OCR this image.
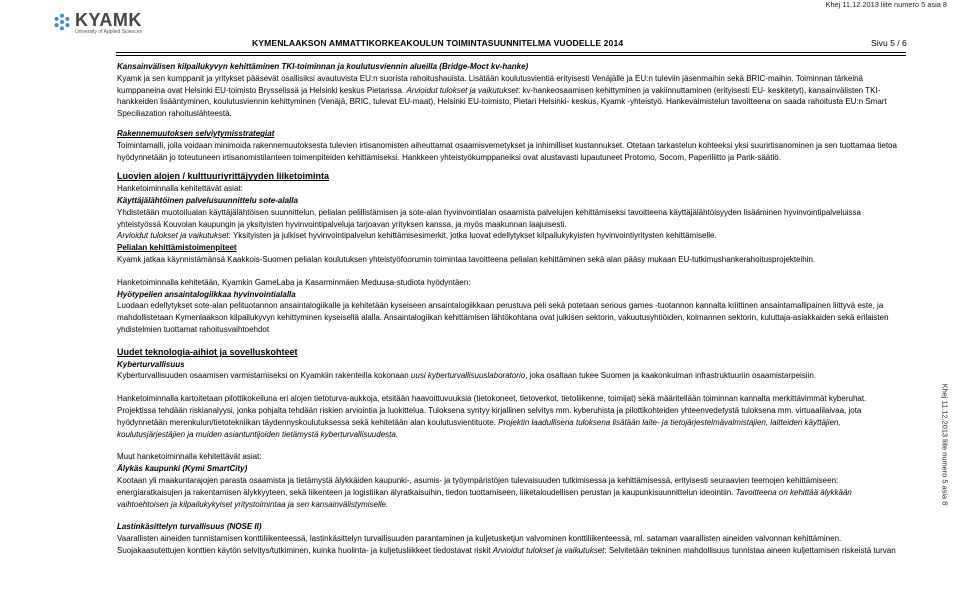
Khej 11.12.2013 liite numero 5 asia 8
Khej 11.12.2013 liite numero 5 asia 8
KYAMK
University of Applied Sciences
KYMENLAAKSON AMMATTIKORKEAKOULUN TOIMINTASUUNNITELMA VUODELLE 2014	Sivu 5 / 6

Kansainvälisen kilpailukyvyn kehittäminen TKI-toiminnan ja koulutusviennin alueilla (Bridge-Moct kv-hanke)

Kyamk ja sen kumppanit ja yritykset pääsevät osallisiksi avautuvista EU:n suorista rahoitushauista. Lisätään koulutusvientiä erityisesti Venäjälle ja EU:n tuleviin jäsenmaihin sekä BRIC-maihin. Toiminnan tärkeinä kumppaneina ovat Helsinki EU-toimisto Brysselissä ja Helsinki keskus Pietarissa. Arvioidut tulokset ja vaikutukset: kv-hankeosaamisen kehittyminen ja vakiinnuttaminen (erityisesti EU- keskitetyt), kansainvälisten TKI-hankkeiden lisääntyminen, koulutusviennin kehittyminen (Venäjä, BRIC, tulevat EU-maat), Helsinki EU-toimisto, Pietari Helsinki- keskus, Kyamk -yhteistyö. Hankevalmistelun tavoitteena on saada rahoitusta EU:n Smart Speciliazation rahoituslähteestä.

Rakennemuutoksen selviytymisstrategiat

Toimintamalli, jolla voidaan minimoida rakennemuutoksesta tulevien irtisanomisten aiheuttamat osaamisvemetykset ja inhimilliset kustannukset. Otetaan tarkastelun kohteeksi yksi suurirtisanominen ja sen tuottamaa tietoa hyödynnetään jo toteutuneen irtisanomistilanteen toimenpiteiden kehittämiseksi. Hankkeen yhteistyökumppaneiksi ovat alustavasti lupautuneet Protomo, Socom, Paperiliitto ja Parik-säätiö.

Luovien alojen / kulttuuriyrittäjyyden liiketoiminta

Hanketoiminnalla kehitettävät asiat:

Käyttäjälähtöinen palvelusuunnittelu sote-alalla

Yhdistetään muotoilualan käyttäjälähtöisen suunnittelun, pelialan pelillistämisen ja sote-alan hyvinvointialan osaamista palvelujen kehittämiseksi tavoitteena käyttäjälähtöisyyden lisääminen hyvinvointipalveluissa yhteistyössä Kouvolan kaupungin ja yksityisten hyvinvointipalveluja tarjoavan yrityksen kanssa, ja myös maakunnan laajuisesti.

Arvioidut tulokset ja vaikutukset: Yksityisten ja julkiset hyvinvointipalvelun kehittämisesimerkit, jotka luovat edellytykset kilpailukykyisten hyvinvointiyritysten kehittämiselle.

Pelialan kehittämistoimenpiteet

Kyamk jatkaa käynnistämänsä Kaakkois-Suomen pelialan koulutuksen yhteistyöfoorumin toimintaa tavoitteena pelialan kehittäminen sekä alan pääsy mukaan EU-tutkimushankerahoitusprojekteihin.

Hanketoiminnalla kehitetään, Kyamkin GameLaba ja Kasarminmäen Meduusa-studiota hyödyntäen:

Hyötypelien ansaintalogiikkaa hyvinvointialalla

Luodaan edellytykset sote-alan pelituotannon ansaintalogiikalle ja kehitetään kyseiseen ansaintalogiikkaan perustuva peli sekä potetaan serious games -tuotannon kannalta kriittinen ansaintamallipainen liittyvä este, ja mahdollistetaan Kymenlaakson kilpailukyvyn kehittyminen kyseisellä alalla. Ansaintalogiikan kehittämisen lähtökohtana ovat julkisen sektorin, vakuutusyhtiöiden, kolmannen sektorin, kuluttaja-asiakkaiden sekä erilaisten yhdistelmien tuottamat rahoitusvaihtoehdot

Uudet teknologia-aihiot ja sovelluskohteet

Kyberturvallisuus

Kyberturvallisuuden osaamisen varmistamiseksi on Kyamkiin rakenteilla kokonaan uusi kyberturvallisuuslaboratorio, joka osaltaan tukee Suomen ja kaakonkulman infrastruktuuriin osaamistarpeisiin.

Hanketoiminnalla kartoitetaan pilottikokeiluna eri alojen tietoturva-aukkoja, etsitään haavoittuvuuksia (tietokoneet, tietoverkot, tietoliikenne, toimijat) sekä määritellään toiminnan kannalta merkittävimmät kyberuhat. Projektissa tehdään riskianalyysi, jonka pohjalta tehdään riskien arviointia ja luokittelua. Tuloksena syntyy kirjallinen selvitys mm. kyberuhista ja pilottikohteiden yhteenvedetystä tuloksena mm. virtuaalilaivaa, jota hyödynnetään merenkulun/tietotekniikan täydennyskoulutuksessa sekä kehitetään alan koulutusvientituote. Projektin laadullisena tuloksena lisätään laite- ja tietojärjestelmävalmistajien, laitteiden käyttäjien, koulutusjärjestäjien ja muiden asiantuntijoiden tietämystä kyberturvallisuudesta.

Muut hanketoiminnalla kehitettävät asiat:

Älykäs kaupunki (Kymi SmartCity)

Kootaan yli maakuntarajojen parasta osaamista ja tietämystä älykkäiden kaupunki-, asumis- ja työympäristöjen tulevaisuuden tutkimisessa ja kehittämisessä, erityisesti seuraavien teemojen kehittämiseen: energiaratkaisujen ja rakentamisen älykkyyteen, sekä liikenteen ja logistiikan älyratkaisuihin, tiedon tuottamiseen, liiketaloudellisen perustan ja kaupunkisuunnittelun ideointiin. Tavoitteena on kehittää älykkään vaihtoehtoisen ja kilpailukykyiset yritystoimintaa ja sen kansainvälistymiselle.

Lastinkäsittelyn turvallisuus (NOSE II)

Vaarallisten aineiden tunnistamisen konttiliikenteessä, lastinkäsittelyn turvallisuuden parantaminen ja kuljetusketjun valvominen konttiliikenteessä, ml. sataman vaarallisten aineiden valvonnan kehittäminen. Suojakaasutettujen konttien käytön selvitys/tutkiminen, kuinka huolinta- ja kuljetusliikkeet tiedostavat riskit Arvioidut tulokset ja vaikutukset: Selvitetään tekninen mahdollisuus tunnistaa aineen kuljettamisen riskeistä turvan
